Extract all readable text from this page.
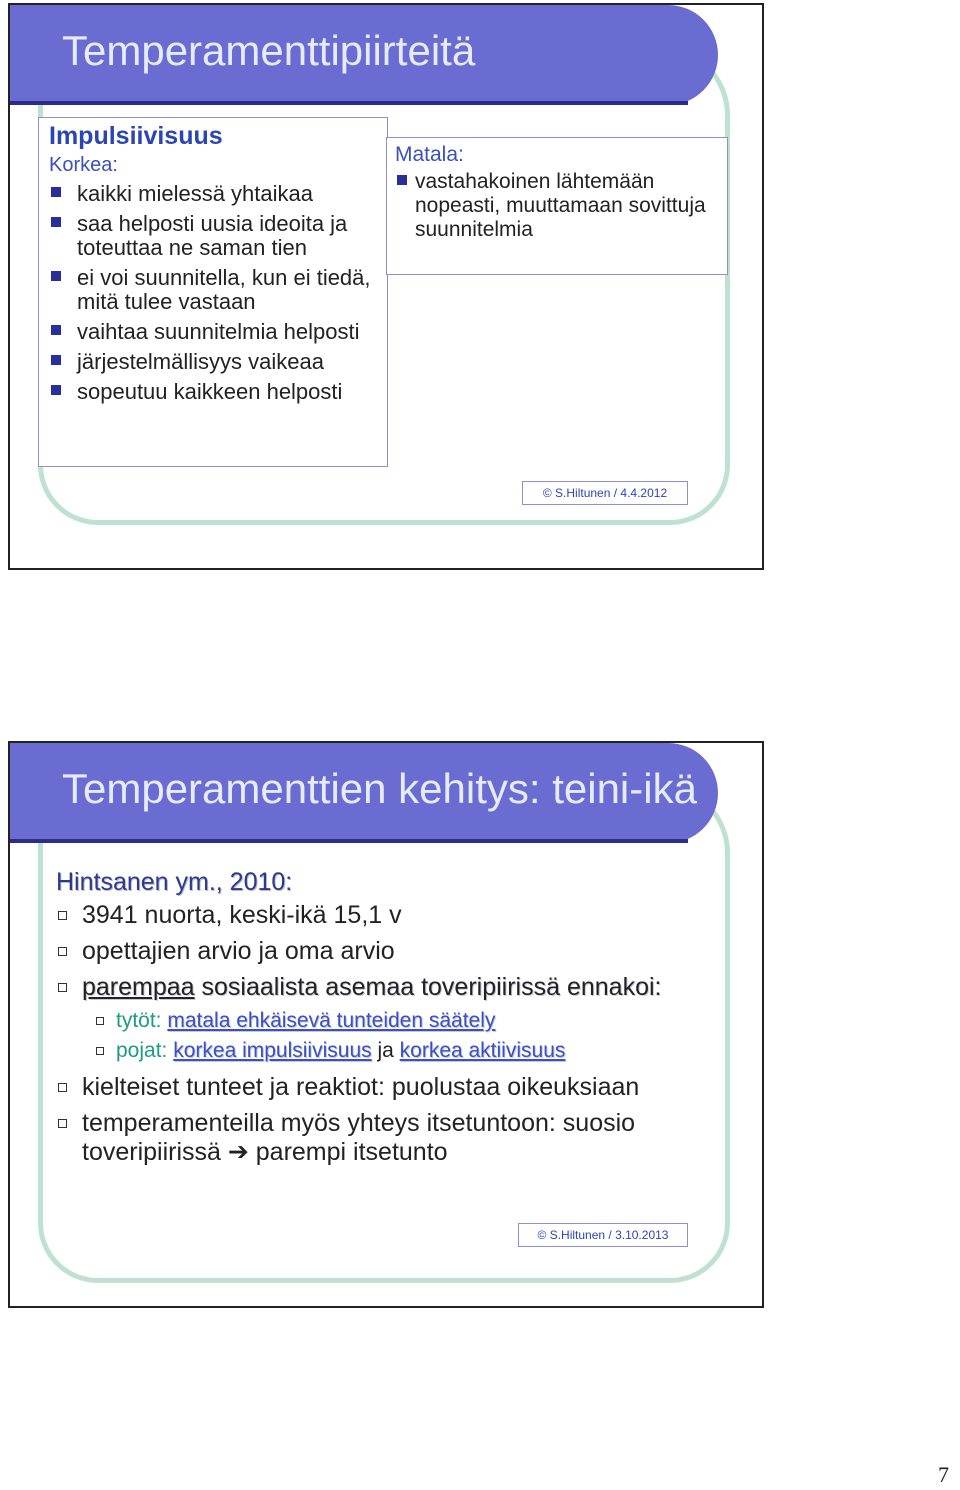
Temperamenttipiirteitä
Impulsiivisuus
Korkea:
kaikki mielessä yhtaikaa
saa helposti uusia ideoita ja toteuttaa ne saman tien
ei voi suunnitella, kun ei tiedä, mitä tulee vastaan
vaihtaa suunnitelmia helposti
järjestelmällisyys vaikeaa
sopeutuu kaikkeen helposti
Matala:
vastahakoinen lähtemään nopeasti, muuttamaan sovittuja suunnitelmia
© S.Hiltunen / 4.4.2012
Temperamenttien kehitys: teini-ikä
Hintsanen ym., 2010:
3941 nuorta, keski-ikä 15,1 v
opettajien arvio ja oma arvio
parempaa sosiaalista asemaa toveripiirissä ennakoi:
tytöt: matala ehkäisevä tunteiden säätely
pojat: korkea impulsiivisuus ja korkea aktiivisuus
kielteiset tunteet ja reaktiot: puolustaa oikeuksiaan
temperamenteilla myös yhteys itsetuntoon: suosio toveripiirissä ➔ parempi itsetunto
© S.Hiltunen / 3.10.2013
7
